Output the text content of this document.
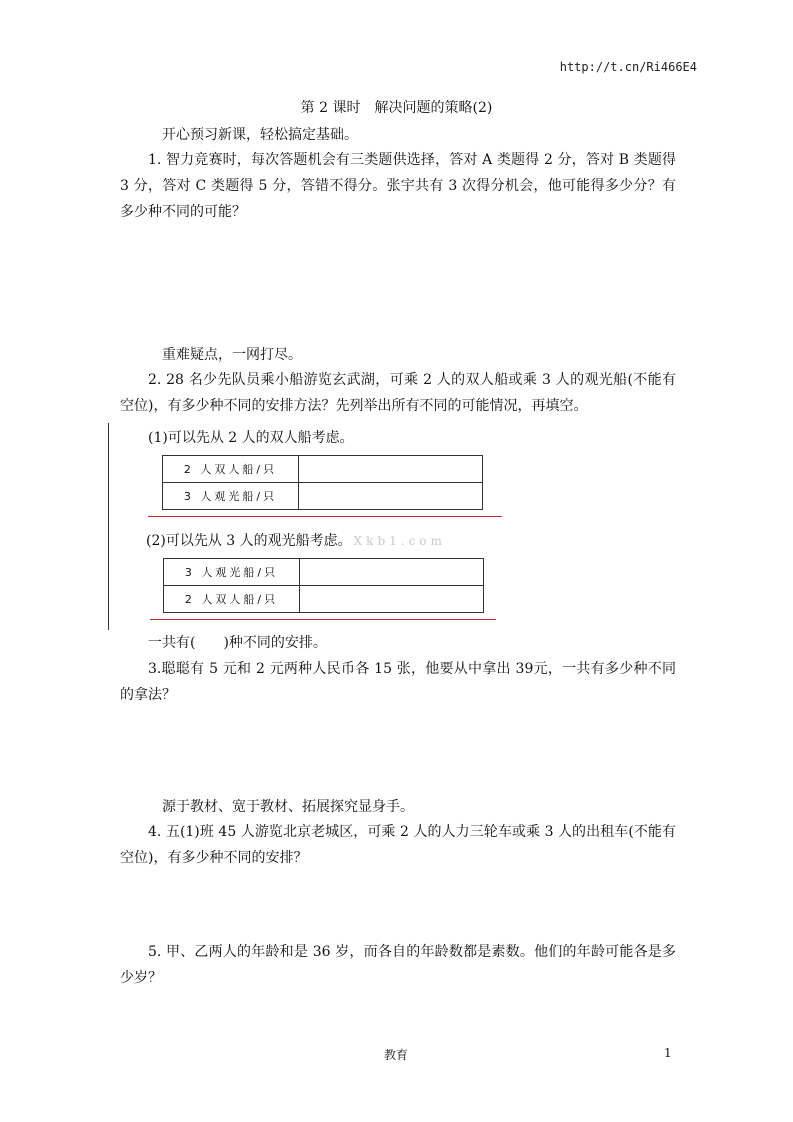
http://t.cn/Ri466E4
第 2 课时　解决问题的策略(2)
开心预习新课，轻松搞定基础。
1. 智力竞赛时，每次答题机会有三类题供选择，答对 A 类题得 2 分，答对 B 类题得 3 分，答对 C 类题得 5 分，答错不得分。张宇共有 3 次得分机会，他可能得多少分？有多少种不同的可能？
重难疑点，一网打尽。
2. 28 名少先队员乘小船游览玄武湖，可乘 2 人的双人船或乘 3 人的观光船(不能有空位)，有多少种不同的安排方法？先列举出所有不同的可能情况，再填空。
(1)可以先从 2 人的双人船考虑。
2 人双人船/只	
3 人观光船/只	
(2)可以先从 3 人的观光船考虑。 Xkb1.com
3 人观光船/只	
2 人双人船/只	
一共有(　　)种不同的安排。
3.聪聪有 5 元和 2 元两种人民币各 15 张，他要从中拿出 39元，一共有多少种不同的拿法？
源于教材、宽于教材、拓展探究显身手。
4. 五(1)班 45 人游览北京老城区，可乘 2 人的人力三轮车或乘 3 人的出租车(不能有空位)，有多少种不同的安排？
5. 甲、乙两人的年龄和是 36 岁，而各自的年龄数都是素数。他们的年龄可能各是多少岁？
教育	1
